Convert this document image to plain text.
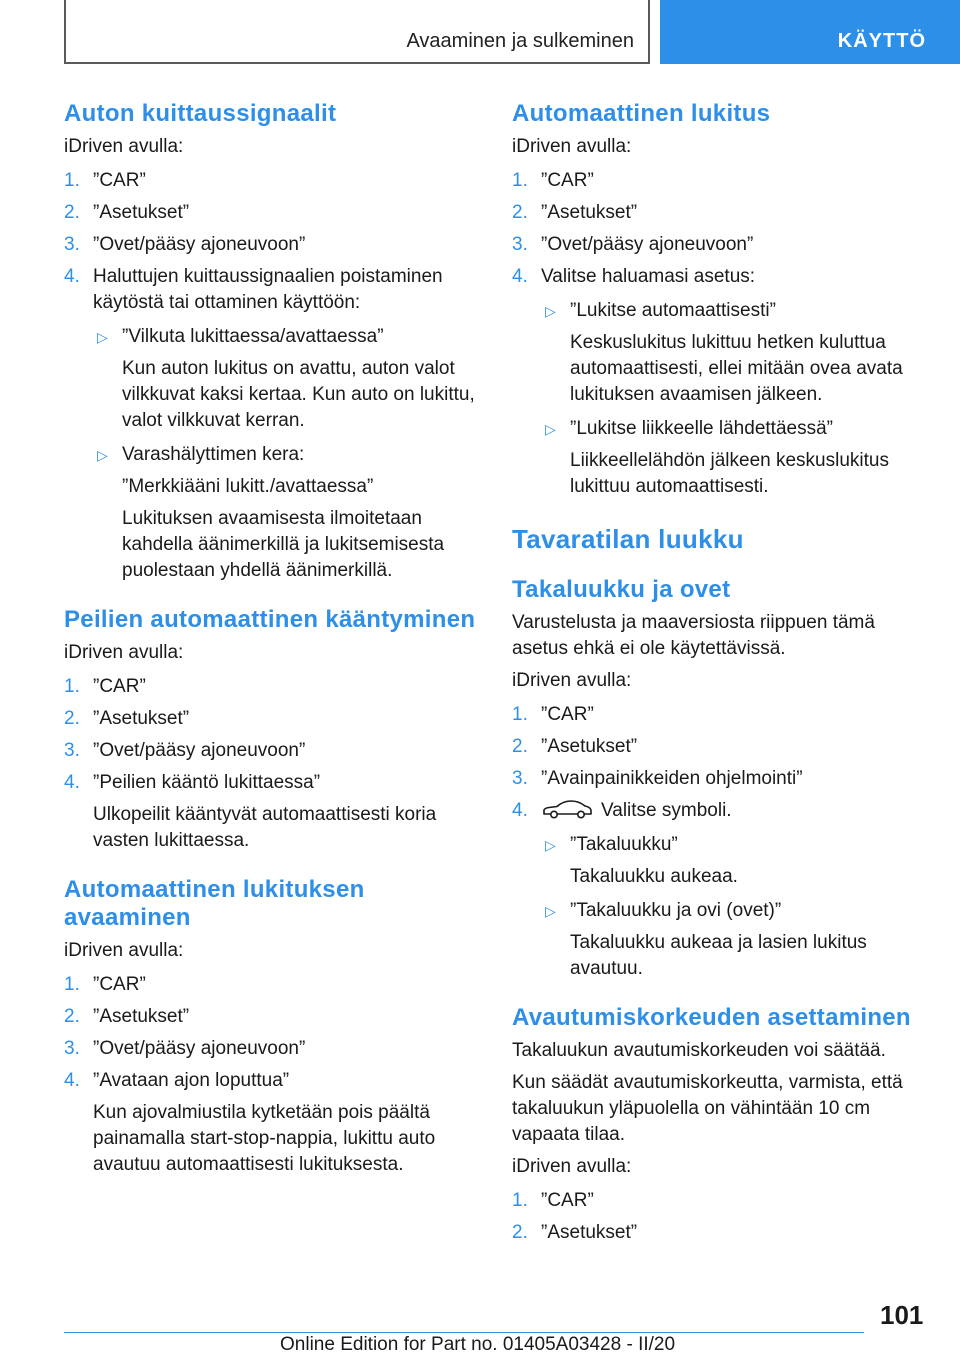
Avaaminen ja sulkeminen	KÄYTTÖ
Auton kuittaussignaalit
iDriven avulla:
1. ”CAR”
2. ”Asetukset”
3. ”Ovet/pääsy ajoneuvoon”
4. Haluttujen kuittaussignaalien poistaminen käytöstä tai ottaminen käyttöön:
▷ ”Vilkuta lukittaessa/avattaessa”
Kun auton lukitus on avattu, auton valot vilkkuvat kaksi kertaa. Kun auto on lukittu, valot vilkkuvat kerran.
▷ Varashälyttimen kera:
”Merkkiääni lukitt./avattaessa”
Lukituksen avaamisesta ilmoitetaan kahdella äänimerkillä ja lukitsemisesta puolestaan yhdellä äänimerkillä.
Peilien automaattinen kääntyminen
iDriven avulla:
1. ”CAR”
2. ”Asetukset”
3. ”Ovet/pääsy ajoneuvoon”
4. ”Peilien kääntö lukittaessa”
Ulkopeilit kääntyvät automaattisesti koria vasten lukittaessa.
Automaattinen lukituksen avaaminen
iDriven avulla:
1. ”CAR”
2. ”Asetukset”
3. ”Ovet/pääsy ajoneuvoon”
4. ”Avataan ajon loputtua”
Kun ajovalmiustila kytketään pois päältä painamalla start-stop-nappia, lukittu auto avautuu automaattisesti lukituksesta.
Automaattinen lukitus
iDriven avulla:
1. ”CAR”
2. ”Asetukset”
3. ”Ovet/pääsy ajoneuvoon”
4. Valitse haluamasi asetus:
▷ ”Lukitse automaattisesti”
Keskuslukitus lukittuu hetken kuluttua automaattisesti, ellei mitään ovea avata lukituksen avaamisen jälkeen.
▷ ”Lukitse liikkeelle lähdettäessä”
Liikkeellelähdön jälkeen keskuslukitus lukittuu automaattisesti.
Tavaratilan luukku
Takaluukku ja ovet
Varustelusta ja maaversiosta riippuen tämä asetus ehkä ei ole käytettävissä.
iDriven avulla:
1. ”CAR”
2. ”Asetukset”
3. ”Avainpainikkeiden ohjelmointi”
4.	Valitse symboli.
▷ ”Takaluukku”
Takaluukku aukeaa.
▷ ”Takaluukku ja ovi (ovet)”
Takaluukku aukeaa ja lasien lukitus avautuu.
Avautumiskorkeuden asettaminen
Takaluukun avautumiskorkeuden voi säätää.
Kun säädät avautumiskorkeutta, varmista, että takaluukun yläpuolella on vähintään 10 cm vapaata tilaa.
iDriven avulla:
1. ”CAR”
2. ”Asetukset”
101
Online Edition for Part no. 01405A03428 - II/20
